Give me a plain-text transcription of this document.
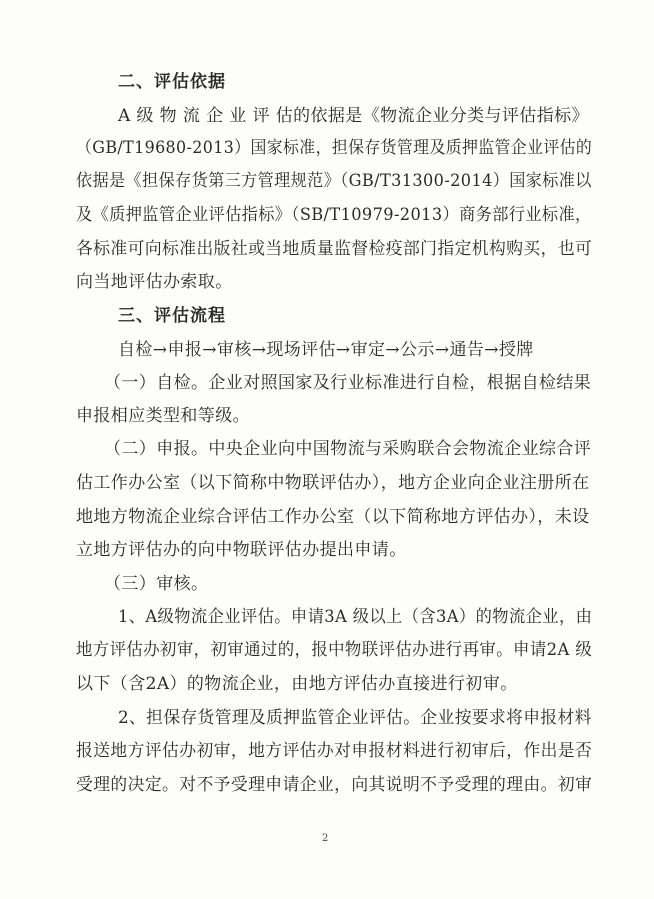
二、评估依据
A 级 物 流 企 业 评 估的依据是《物流企业分类与评估指标》
（GB/T19680-2013）国家标准，担保存货管理及质押监管企业评估的
依据是《担保存货第三方管理规范》（GB/T31300-2014）国家标准以
及《质押监管企业评估指标》（SB/T10979-2013）商务部行业标准，
各标准可向标准出版社或当地质量监督检疫部门指定机构购买，也可
向当地评估办索取。
三、评估流程
自检→申报→审核→现场评估→审定→公示→通告→授牌
（一）自检。企业对照国家及行业标准进行自检，根据自检结果
申报相应类型和等级。
（二）申报。中央企业向中国物流与采购联合会物流企业综合评
估工作办公室（以下简称中物联评估办），地方企业向企业注册所在
地地方物流企业综合评估工作办公室（以下简称地方评估办），未设
立地方评估办的向中物联评估办提出申请。
（三）审核。
1、A级物流企业评估。申请3A 级以上（含3A）的物流企业，由
地方评估办初审，初审通过的，报中物联评估办进行再审。申请2A 级
以下（含2A）的物流企业，由地方评估办直接进行初审。
2、担保存货管理及质押监管企业评估。企业按要求将申报材料
报送地方评估办初审，地方评估办对申报材料进行初审后，作出是否
受理的决定。对不予受理申请企业，向其说明不予受理的理由。初审
2
